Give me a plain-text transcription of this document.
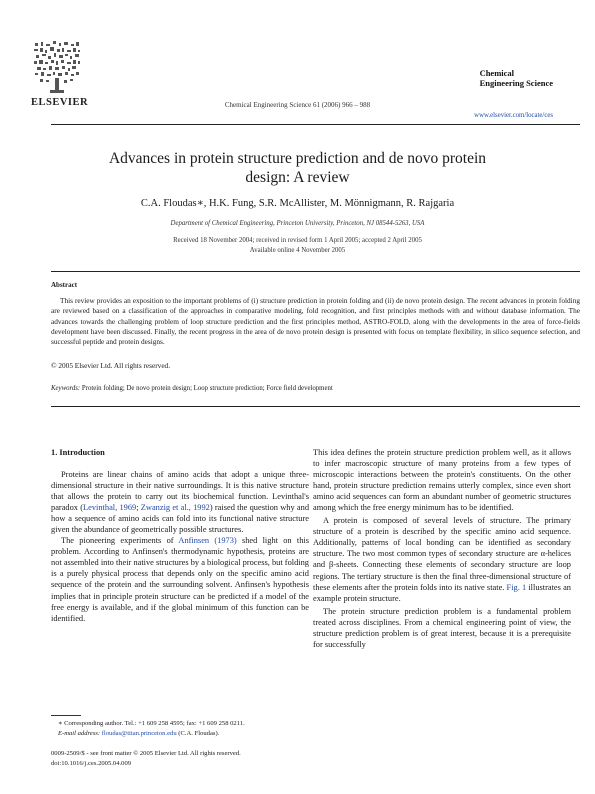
ELSEVIER	Chemical Engineering Science 61 (2006) 966 – 988
Chemical
Engineering Science
www.elsevier.com/locate/ces
Advances in protein structure prediction and de novo protein
design: A review
C.A. Floudas∗, H.K. Fung, S.R. McAllister, M. Mönnigmann, R. Rajgaria
Department of Chemical Engineering, Princeton University, Princeton, NJ 08544-5263, USA
Received 18 November 2004; received in revised form 1 April 2005; accepted 2 April 2005
Available online 4 November 2005
Abstract
This review provides an exposition to the important problems of (i) structure prediction in protein folding and (ii) de novo protein design. The recent advances in protein folding are reviewed based on a classification of the approaches in comparative modeling, fold recognition, and first principles methods with and without database information. The advances towards the challenging problem of loop structure prediction and the first principles method, ASTRO-FOLD, along with the developments in the area of force-fields development have been discussed. Finally, the recent progress in the area of de novo protein design is presented with focus on template flexibility, in silico sequence selection, and successful peptide and protein designs.
© 2005 Elsevier Ltd. All rights reserved.
Keywords: Protein folding; De novo protein design; Loop structure prediction; Force field development
1. Introduction

Proteins are linear chains of amino acids that adopt a unique three-dimensional structure in their native surroundings. It is this native structure that allows the protein to carry out its biochemical function. Levinthal's paradox (Levinthal, 1969; Zwanzig et al., 1992) raised the question why and how a sequence of amino acids can fold into its functional native structure given the abundance of geometrically possible structures.

The pioneering experiments of Anfinsen (1973) shed light on this problem. According to Anfinsen's thermodynamic hypothesis, proteins are not assembled into their native structures by a biological process, but folding is a purely physical process that depends only on the specific amino acid sequence of the protein and the surrounding solvent. Anfinsen's hypothesis implies that in principle protein structure can be predicted if a model of the free energy is available, and if the global minimum of this function can be identified.

This idea defines the protein structure prediction problem well, as it allows to infer macroscopic structure of many proteins from a few types of microscopic interactions between the protein's constituents. On the other hand, protein structure prediction remains utterly complex, since even short amino acid sequences can form an abundant number of geometric structures among which the free energy minimum has to be identified.

A protein is composed of several levels of structure. The primary structure of a protein is described by the specific amino acid sequence. Additionally, patterns of local bonding can be identified as secondary structure. The two most common types of secondary structure are α-helices and β-sheets. Connecting these elements of secondary structure are loop regions. The tertiary structure is then the final three-dimensional structure of these elements after the protein folds into its native state. Fig. 1 illustrates an example protein structure.

The protein structure prediction problem is a fundamental problem treated across disciplines. From a chemical engineering point of view, the structure prediction problem is of great interest, because it is a prerequisite for successfully

∗ Corresponding author. Tel.: +1 609 258 4595; fax: +1 609 258 0211.
E-mail address: floudas@titan.princeton.edu (C.A. Floudas).
0009-2509/$ - see front matter © 2005 Elsevier Ltd. All rights reserved.
doi:10.1016/j.ces.2005.04.009
